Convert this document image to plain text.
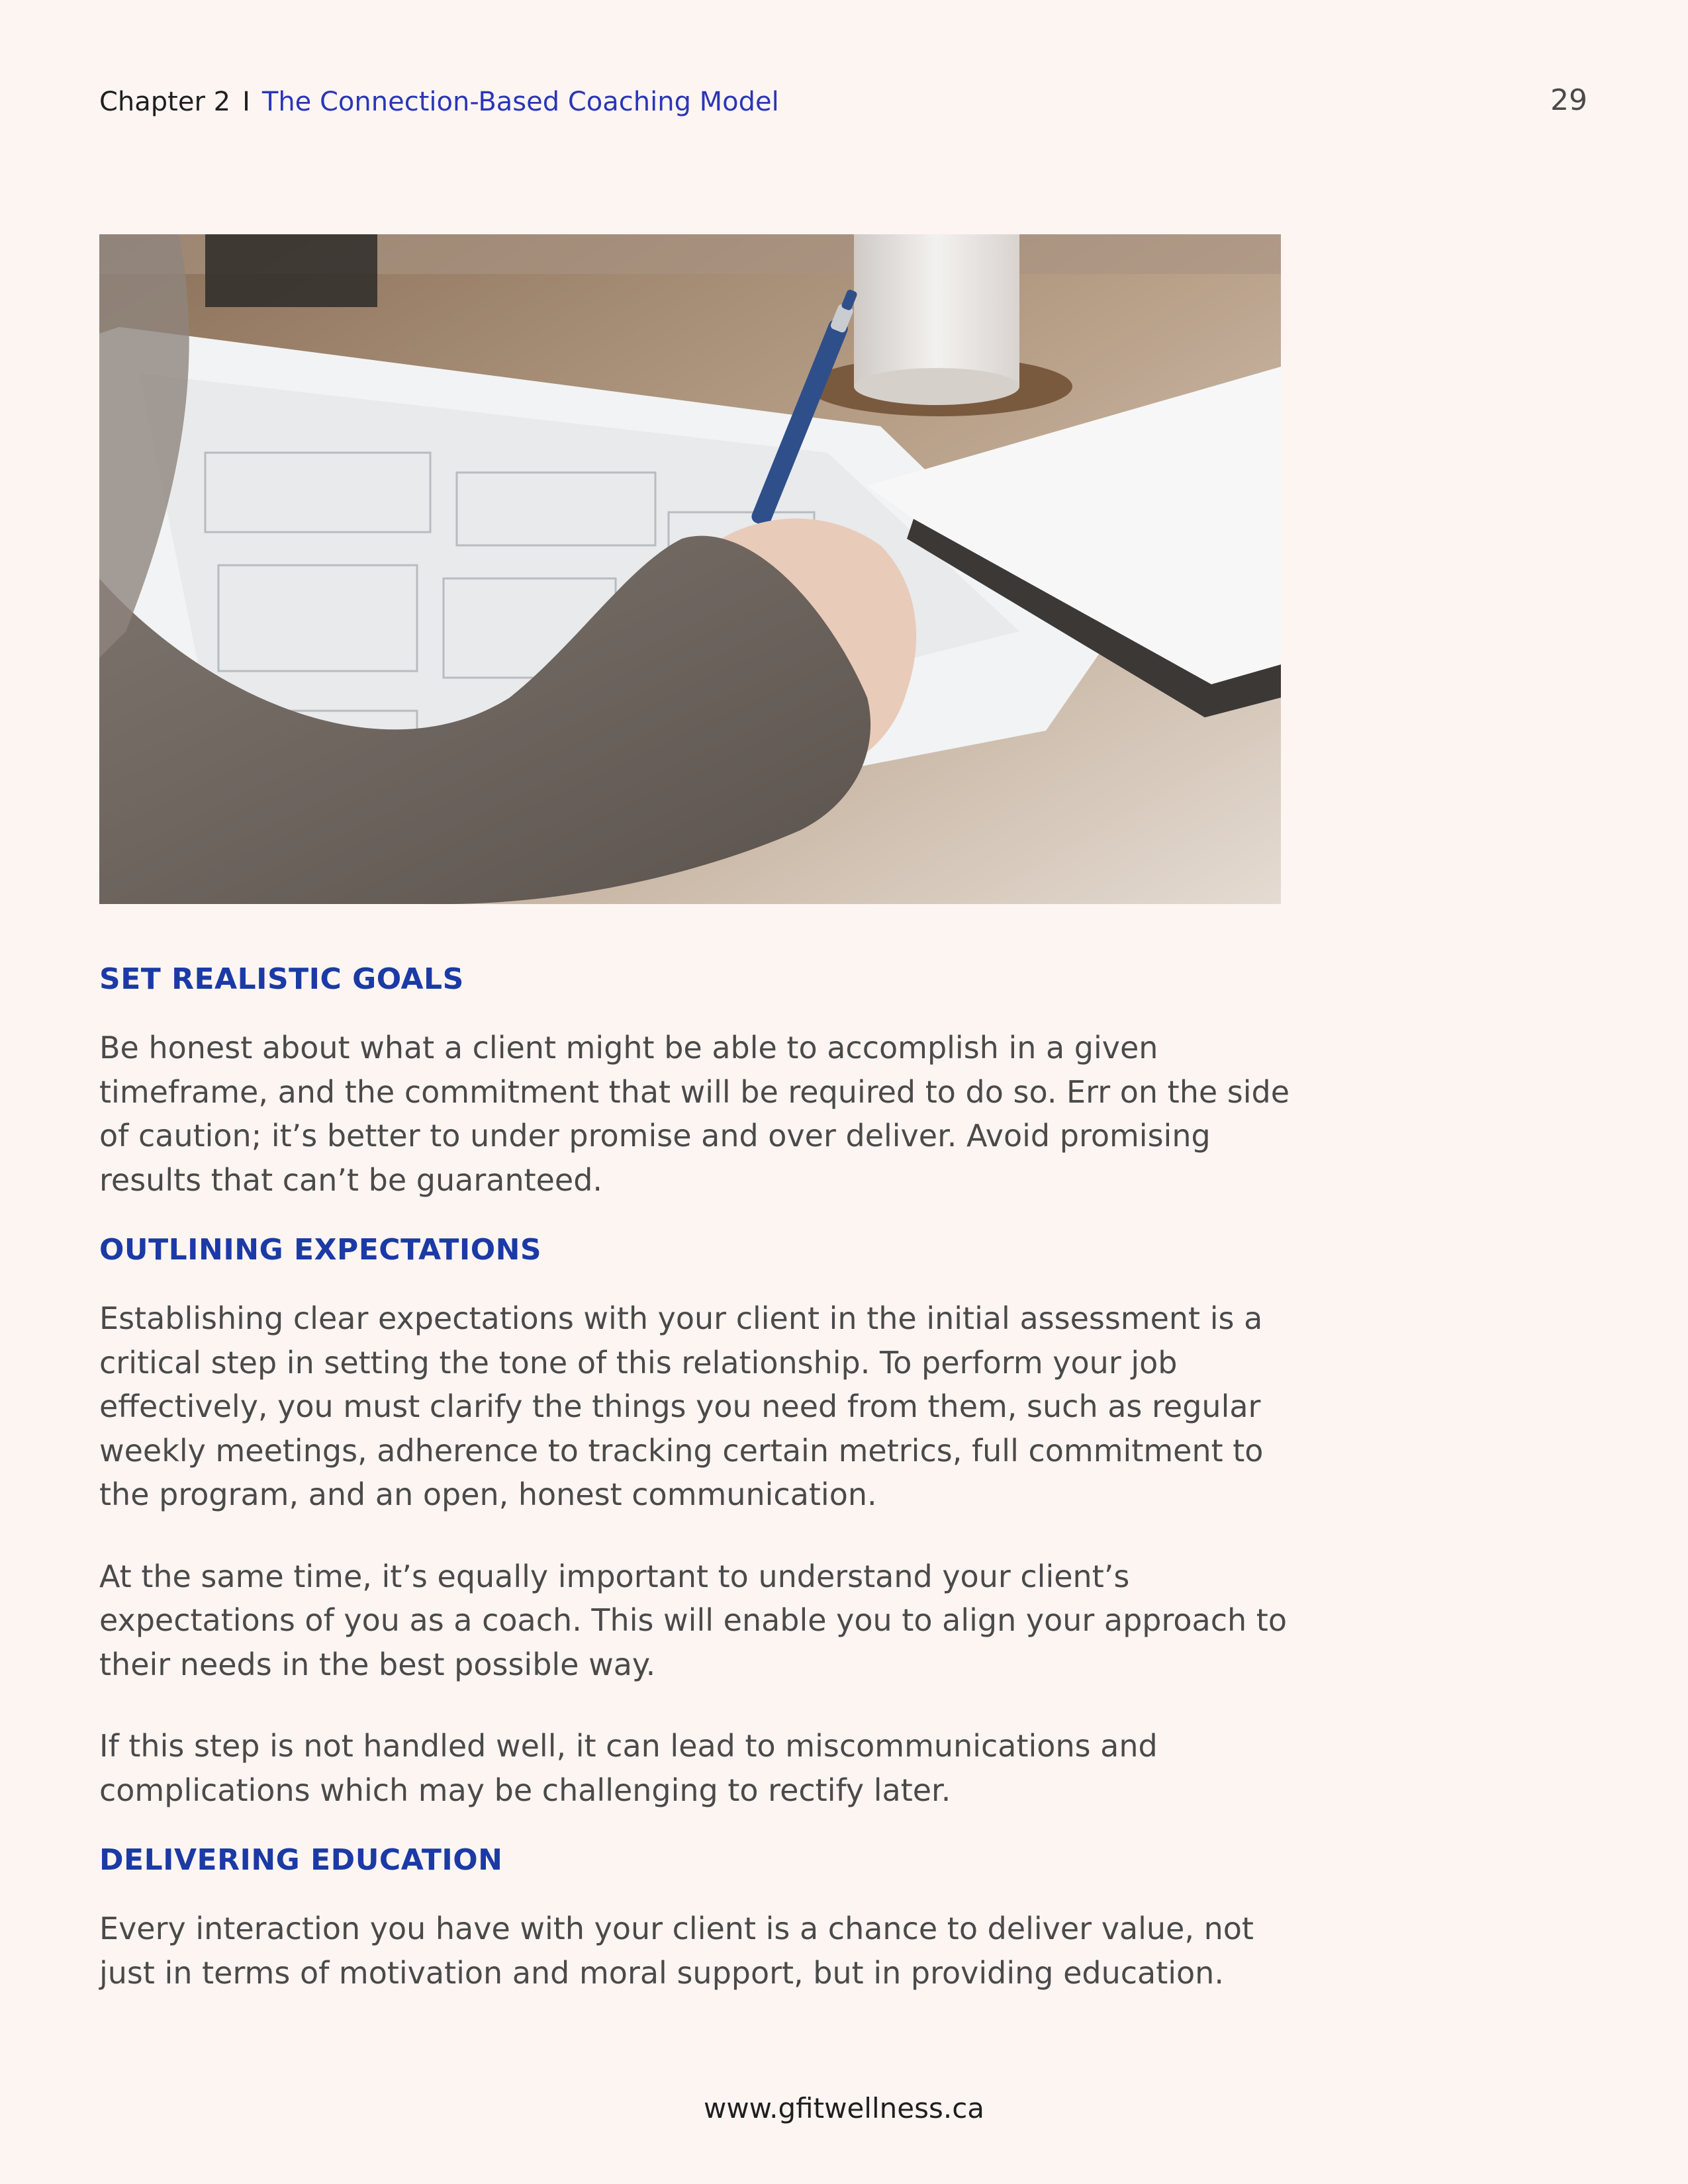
Chapter 2 I The Connection-Based Coaching Model	29
SET REALISTIC GOALS

Be honest about what a client might be able to accomplish in a given timeframe, and the commitment that will be required to do so. Err on the side of caution; it’s better to under promise and over deliver. Avoid promising results that can’t be guaranteed.

OUTLINING EXPECTATIONS

Establishing clear expectations with your client in the initial assessment is a critical step in setting the tone of this relationship. To perform your job effectively, you must clarify the things you need from them, such as regular weekly meetings, adherence to tracking certain metrics, full commitment to the program, and an open, honest communication.

At the same time, it’s equally important to understand your client’s expectations of you as a coach. This will enable you to align your approach to their needs in the best possible way.

If this step is not handled well, it can lead to miscommunications and complications which may be challenging to rectify later.

DELIVERING EDUCATION

Every interaction you have with your client is a chance to deliver value, not just in terms of motivation and moral support, but in providing education.

www.gfitwellness.ca
